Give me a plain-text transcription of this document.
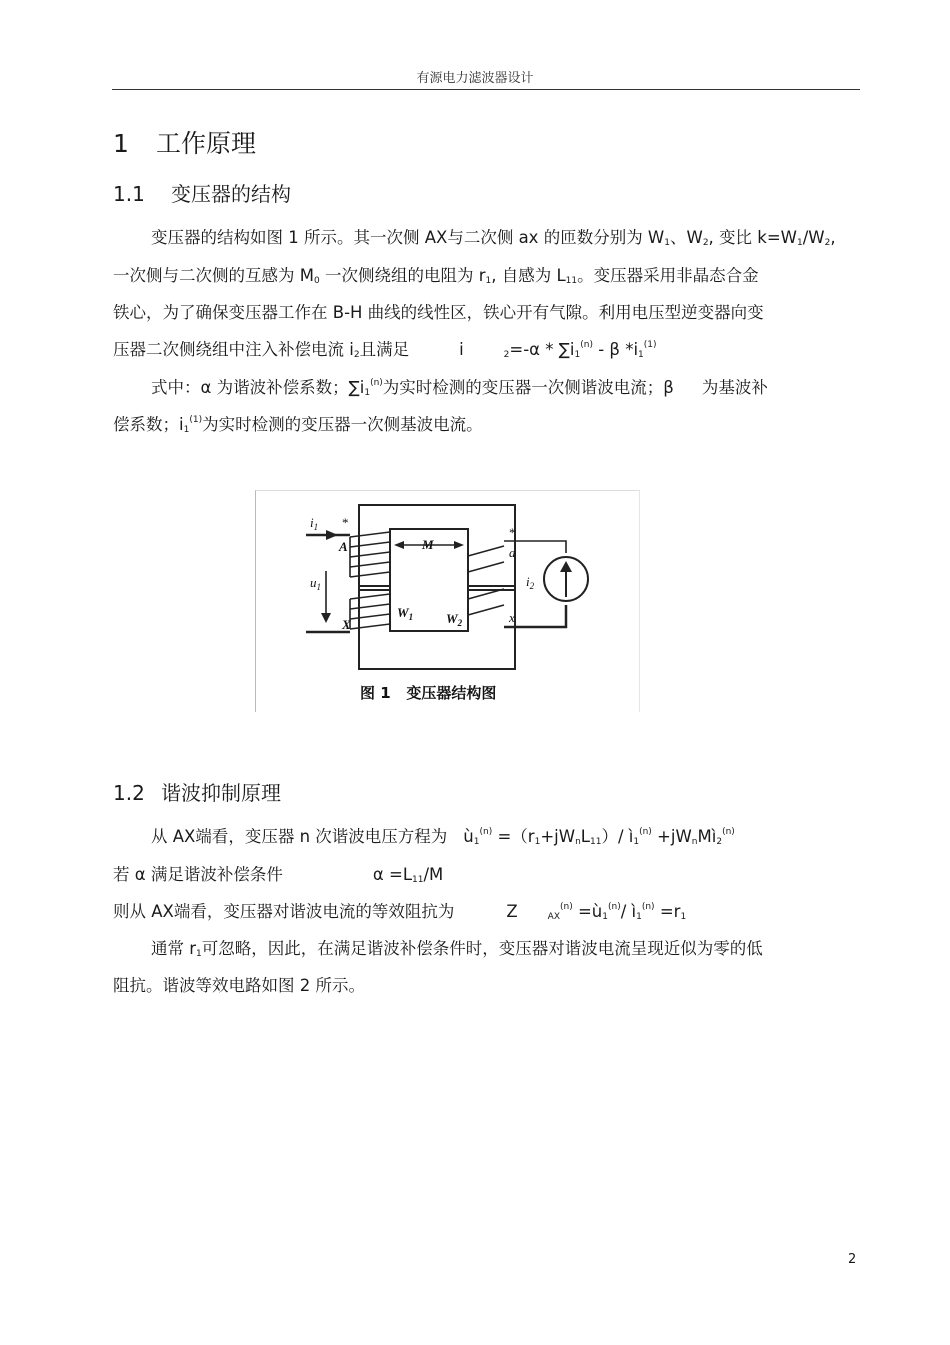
有源电力滤波器设计
1 工作原理
1.1 变压器的结构
变压器的结构如图 1 所示。其一次侧 AX与二次侧 ax 的匝数分别为 $W_1$、$W_2$, 变比 $k=W_1/W_2$,
一次侧与二次侧的互感为 $M_0$ 一次侧绕组的电阻为 $r_1$, 自感为 $L_{11}$。变压器采用非晶态合金
铁心，为了确保变压器工作在 B-H 曲线的线性区，铁心开有气隙。利用电压型逆变器向变
压器二次侧绕组中注入补偿电流 $i_2$且满足	i	$_2=-\alpha * \sum i_1^{(n)} - \beta$ $*i_1^{(1)}$
式中：α 为谐波补偿系数；$\sum i_1^{(n)}$为实时检测的变压器一次侧谐波电流；β 为基波补
偿系数；$i_1^{(1)}$为实时检测的变压器一次侧基波电流。
$i_1$ *
A	M
*
a
$u_1$	$i_2$
$W_1$	$W_2$
X	x
图 1   变压器结构图
1.2 谐波抑制原理
从 AX端看，变压器 n 次谐波电压方程为 $ù_1^{(n)} =(r_1+jW_nL_{11})/$ $ì_1^{(n)}$ $+jW_nMì_2^{(n)}$
若 α 满足谐波补偿条件	$\alpha =L_{11}/M$
则从 AX端看，变压器对谐波电流的等效阻抗为	Z	$_{AX}^{(n)} =ù_1^{(n)}/$ $ì_1^{(n)} =r_1$
通常 $r_1$可忽略，因此，在满足谐波补偿条件时，变压器对谐波电流呈现近似为零的低
阻抗。谐波等效电路如图 2 所示。
2
